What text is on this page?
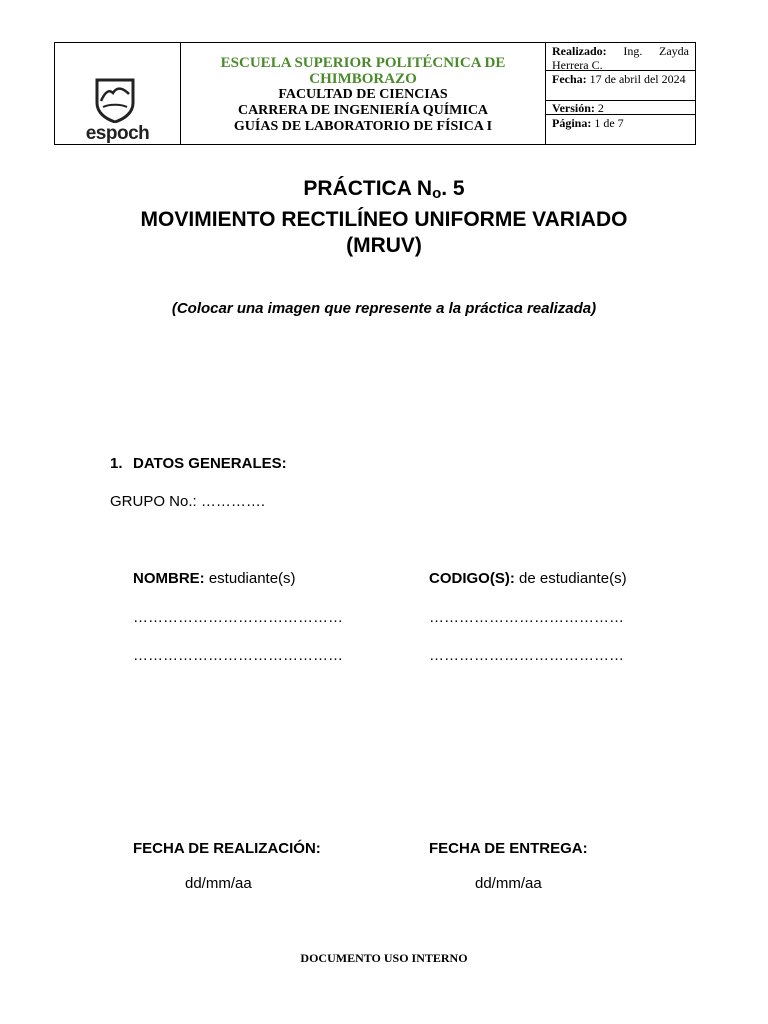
espoch
ESCUELA SUPERIOR POLITÉCNICA DE CHIMBORAZO
FACULTAD DE CIENCIAS
CARRERA DE INGENIERÍA QUÍMICA
GUÍAS DE LABORATORIO DE FÍSICA I
Realizado: Ing. Zayda Herrera C.
Fecha: 17 de abril del 2024
Versión: 2
Página: 1 de 7
PRÁCTICA $N_o$. 5
MOVIMIENTO RECTILÍNEO UNIFORME VARIADO
(MRUV)
(Colocar una imagen que represente a la práctica realizada)
1. DATOS GENERALES:
GRUPO No.: ………….
NOMBRE: estudiante(s)
……………………………………
……………………………………
CODIGO(S): de estudiante(s)
…………………………………
…………………………………
FECHA DE REALIZACIÓN:
dd/mm/aa
FECHA DE ENTREGA:
dd/mm/aa
DOCUMENTO USO INTERNO
